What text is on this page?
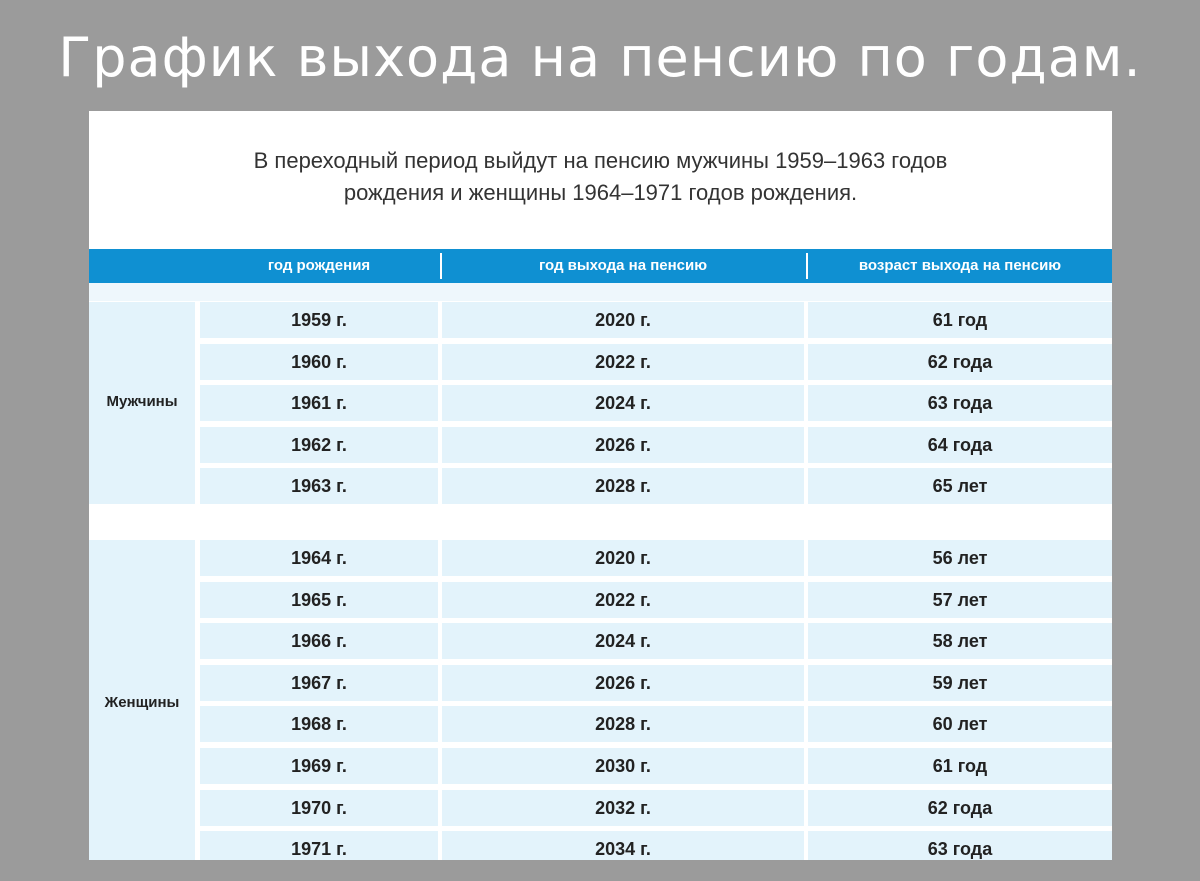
График выхода на пенсию по годам.
В переходный период выйдут на пенсию мужчины 1959–1963 годов
рождения и женщины 1964–1971 годов рождения.
год рождения	год выхода на пенсию	возраст выхода на пенсию
Мужчины
1959 г.	2020 г.	61 год
1960 г.	2022 г.	62 года
1961 г.	2024 г.	63 года
1962 г.	2026 г.	64 года
1963 г.	2028 г.	65 лет
Женщины
1964 г.	2020 г.	56 лет
1965 г.	2022 г.	57 лет
1966 г.	2024 г.	58 лет
1967 г.	2026 г.	59 лет
1968 г.	2028 г.	60 лет
1969 г.	2030 г.	61 год
1970 г.	2032 г.	62 года
1971 г.	2034 г.	63 года
